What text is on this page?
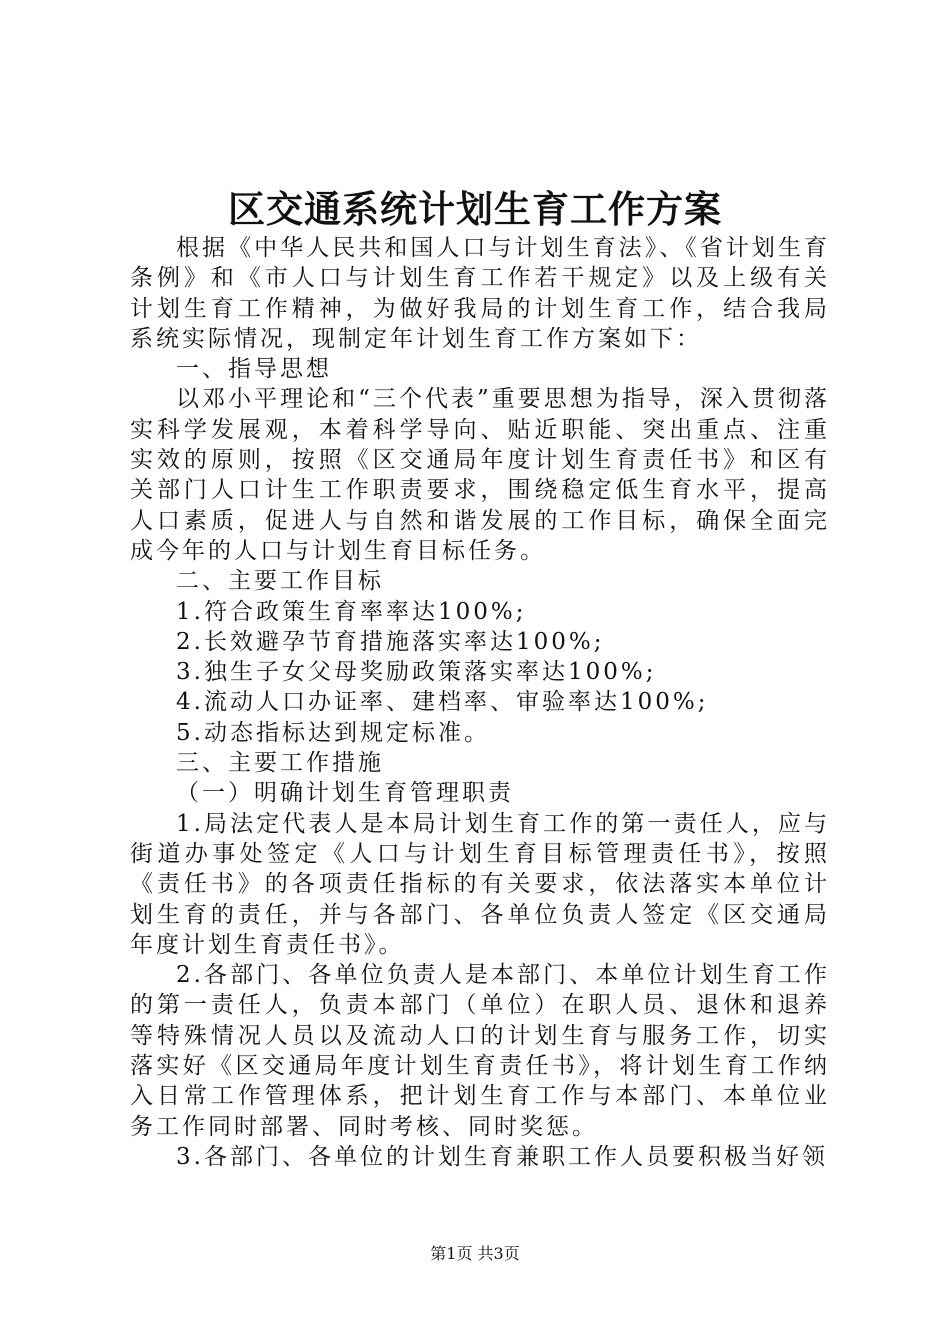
区交通系统计划生育工作方案

根据《中华人民共和国人口与计划生育法》、《省计划生育条例》和《市人口与计划生育工作若干规定》以及上级有关计划生育工作精神，为做好我局的计划生育工作，结合我局系统实际情况，现制定年计划生育工作方案如下：

一、指导思想

以邓小平理论和“三个代表”重要思想为指导，深入贯彻落实科学发展观，本着科学导向、贴近职能、突出重点、注重实效的原则，按照《区交通局年度计划生育责任书》和区有关部门人口计生工作职责要求，围绕稳定低生育水平，提高人口素质，促进人与自然和谐发展的工作目标，确保全面完成今年的人口与计划生育目标任务。

二、主要工作目标

1.符合政策生育率率达100%;

2.长效避孕节育措施落实率达100%;

3.独生子女父母奖励政策落实率达100%;

4.流动人口办证率、建档率、审验率达100%;

5.动态指标达到规定标准。

三、主要工作措施

（一）明确计划生育管理职责

1.局法定代表人是本局计划生育工作的第一责任人，应与街道办事处签定《人口与计划生育目标管理责任书》，按照《责任书》的各项责任指标的有关要求，依法落实本单位计划生育的责任，并与各部门、各单位负责人签定《区交通局年度计划生育责任书》。

2.各部门、各单位负责人是本部门、本单位计划生育工作的第一责任人，负责本部门（单位）在职人员、退休和退养等特殊情况人员以及流动人口的计划生育与服务工作，切实落实好《区交通局年度计划生育责任书》，将计划生育工作纳入日常工作管理体系，把计划生育工作与本部门、本单位业务工作同时部署、同时考核、同时奖惩。

3.各部门、各单位的计划生育兼职工作人员要积极当好领

第1页 共3页
